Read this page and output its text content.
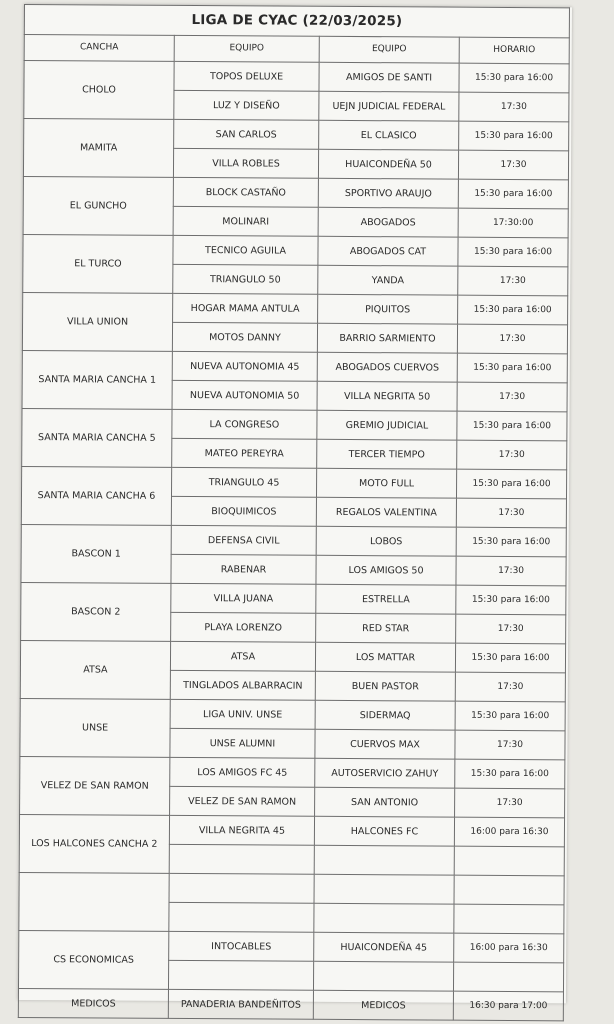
LIGA DE CYAC (22/03/2025)			
CANCHA	EQUIPO	EQUIPO	HORARIO
CHOLO	TOPOS DELUXE	AMIGOS DE SANTI	15:30 para 16:00
	LUZ Y DISEÑO	UEJN JUDICIAL FEDERAL	17:30
MAMITA	SAN CARLOS	EL CLASICO	15:30 para 16:00
	VILLA ROBLES	HUAICONDEÑA 50	17:30
EL GUNCHO	BLOCK CASTAÑO	SPORTIVO ARAUJO	15:30 para 16:00
	MOLINARI	ABOGADOS	17:30:00
EL TURCO	TECNICO AGUILA	ABOGADOS CAT	15:30 para 16:00
	TRIANGULO 50	YANDA	17:30
VILLA UNION	HOGAR MAMA ANTULA	PIQUITOS	15:30 para 16:00
	MOTOS DANNY	BARRIO SARMIENTO	17:30
SANTA MARIA CANCHA 1	NUEVA AUTONOMIA 45	ABOGADOS CUERVOS	15:30 para 16:00
	NUEVA AUTONOMIA 50	VILLA NEGRITA 50	17:30
SANTA MARIA CANCHA 5	LA CONGRESO	GREMIO JUDICIAL	15:30 para 16:00
	MATEO PEREYRA	TERCER TIEMPO	17:30
SANTA MARIA CANCHA 6	TRIANGULO 45	MOTO FULL	15:30 para 16:00
	BIOQUIMICOS	REGALOS VALENTINA	17:30
BASCON 1	DEFENSA CIVIL	LOBOS	15:30 para 16:00
	RABENAR	LOS AMIGOS 50	17:30
BASCON 2	VILLA JUANA	ESTRELLA	15:30 para 16:00
	PLAYA LORENZO	RED STAR	17:30
ATSA	ATSA	LOS MATTAR	15:30 para 16:00
	TINGLADOS ALBARRACIN	BUEN PASTOR	17:30
UNSE	LIGA UNIV. UNSE	SIDERMAQ	15:30 para 16:00
	UNSE ALUMNI	CUERVOS MAX	17:30
VELEZ DE SAN RAMON	LOS AMIGOS FC 45	AUTOSERVICIO ZAHUY	15:30 para 16:00
	VELEZ DE SAN RAMON	SAN ANTONIO	17:30
LOS HALCONES CANCHA 2	VILLA NEGRITA 45	HALCONES FC	16:00 para 16:30

CS ECONOMICAS	INTOCABLES	HUAICONDEÑA 45	16:00 para 16:30

MEDICOS	PANADERIA BANDEÑITOS	MEDICOS	16:30 para 17:00
